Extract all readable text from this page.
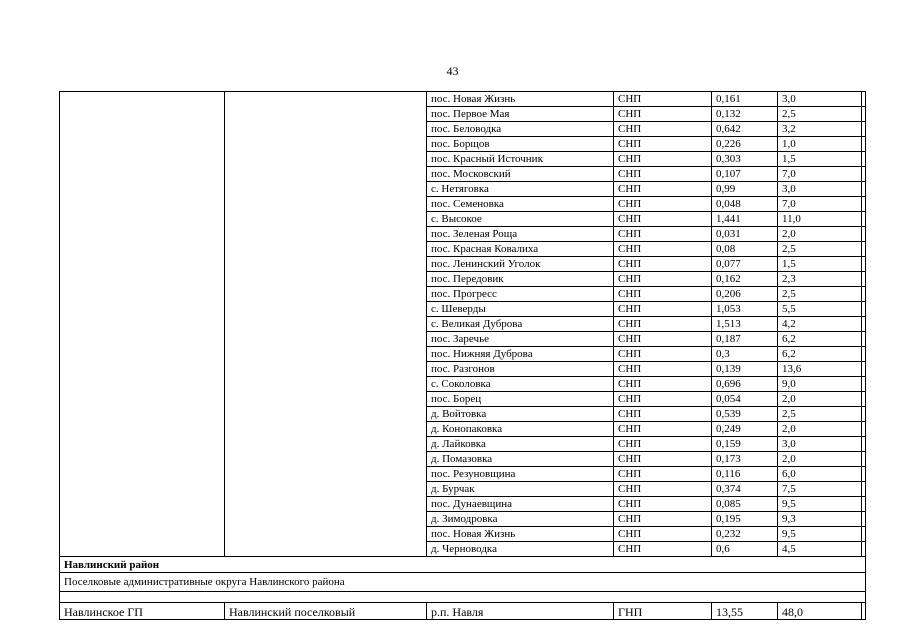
43
		пос. Новая Жизнь	СНП	0,161	3,0	
		пос. Первое Мая	СНП	0,132	2,5	
		пос. Беловодка	СНП	0,642	3,2	
		пос. Борщов	СНП	0,226	1,0	
		пос. Красный Источник	СНП	0,303	1,5	
		пос. Московский	СНП	0,107	7,0	
		с. Нетяговка	СНП	0,99	3,0	
		пос. Семеновка	СНП	0,048	7,0	
		с. Высокое	СНП	1,441	11,0	
		пос. Зеленая Роща	СНП	0,031	2,0	
		пос. Красная Ковалиха	СНП	0,08	2,5	
		пос. Ленинский Уголок	СНП	0,077	1,5	
		пос. Передовик	СНП	0,162	2,3	
		пос. Прогресс	СНП	0,206	2,5	
		с. Шеверды	СНП	1,053	5,5	
		с. Великая Дуброва	СНП	1,513	4,2	
		пос. Заречье	СНП	0,187	6,2	
		пос. Нижняя Дуброва	СНП	0,3	6,2	
		пос. Разгонов	СНП	0,139	13,6	
		с. Соколовка	СНП	0,696	9,0	
		пос. Борец	СНП	0,054	2,0	
		д. Войтовка	СНП	0,539	2,5	
		д. Конопаковка	СНП	0,249	2,0	
		д. Лайковка	СНП	0,159	3,0	
		д. Помазовка	СНП	0,173	2,0	
		пос. Резуновщина	СНП	0,116	6,0	
		д. Бурчак	СНП	0,374	7,5	
		пос. Дунаевщина	СНП	0,085	9,5	
		д. Зимодровка	СНП	0,195	9,3	
		пос. Новая Жизнь	СНП	0,232	9,5	
		д. Черноводка	СНП	0,6	4,5	
Навлинский район						
Поселковые административные округа Навлинского района						

Навлинское ГП	Навлинский поселковый	р.п. Навля	ГНП	13,55	48,0	
